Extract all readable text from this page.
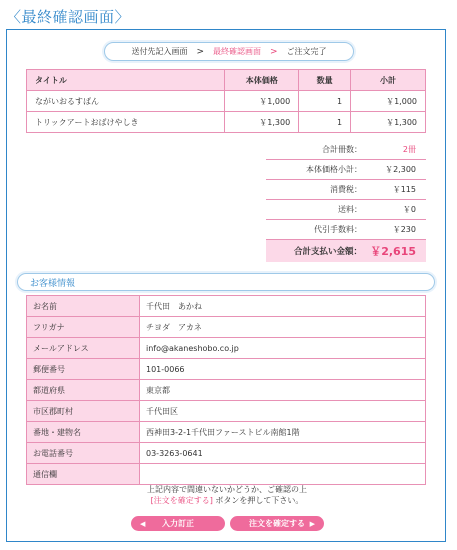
〈最終確認画面〉
送付先記入画面 > 最終確認画面 > ご注文完了
タイトル	本体価格	数量	小計
ながいおるすばん	￥1,000	1	￥1,000
トリックアートおばけやしき	￥1,300	1	￥1,300
合計冊数：	2冊
本体価格小計：	￥2,300
消費税：	￥115
送料：	￥0
代引手数料：	￥230
合計支払い金額： ￥2,615
お客様情報
お名前	千代田　あかね
フリガナ	チヨダ　アカネ
メールアドレス	info@akaneshobo.co.jp
郵便番号	101-0066
都道府県	東京都
市区郡町村	千代田区
番地・建物名	西神田3-2-1千代田ファーストビル南館1階
お電話番号	03-3263-0641
通信欄	
上記内容で間違いないかどうか、ご確認の上
[注文を確定する] ボタンを押して下さい。
◀ 入力訂正	注文を確定する ▶
